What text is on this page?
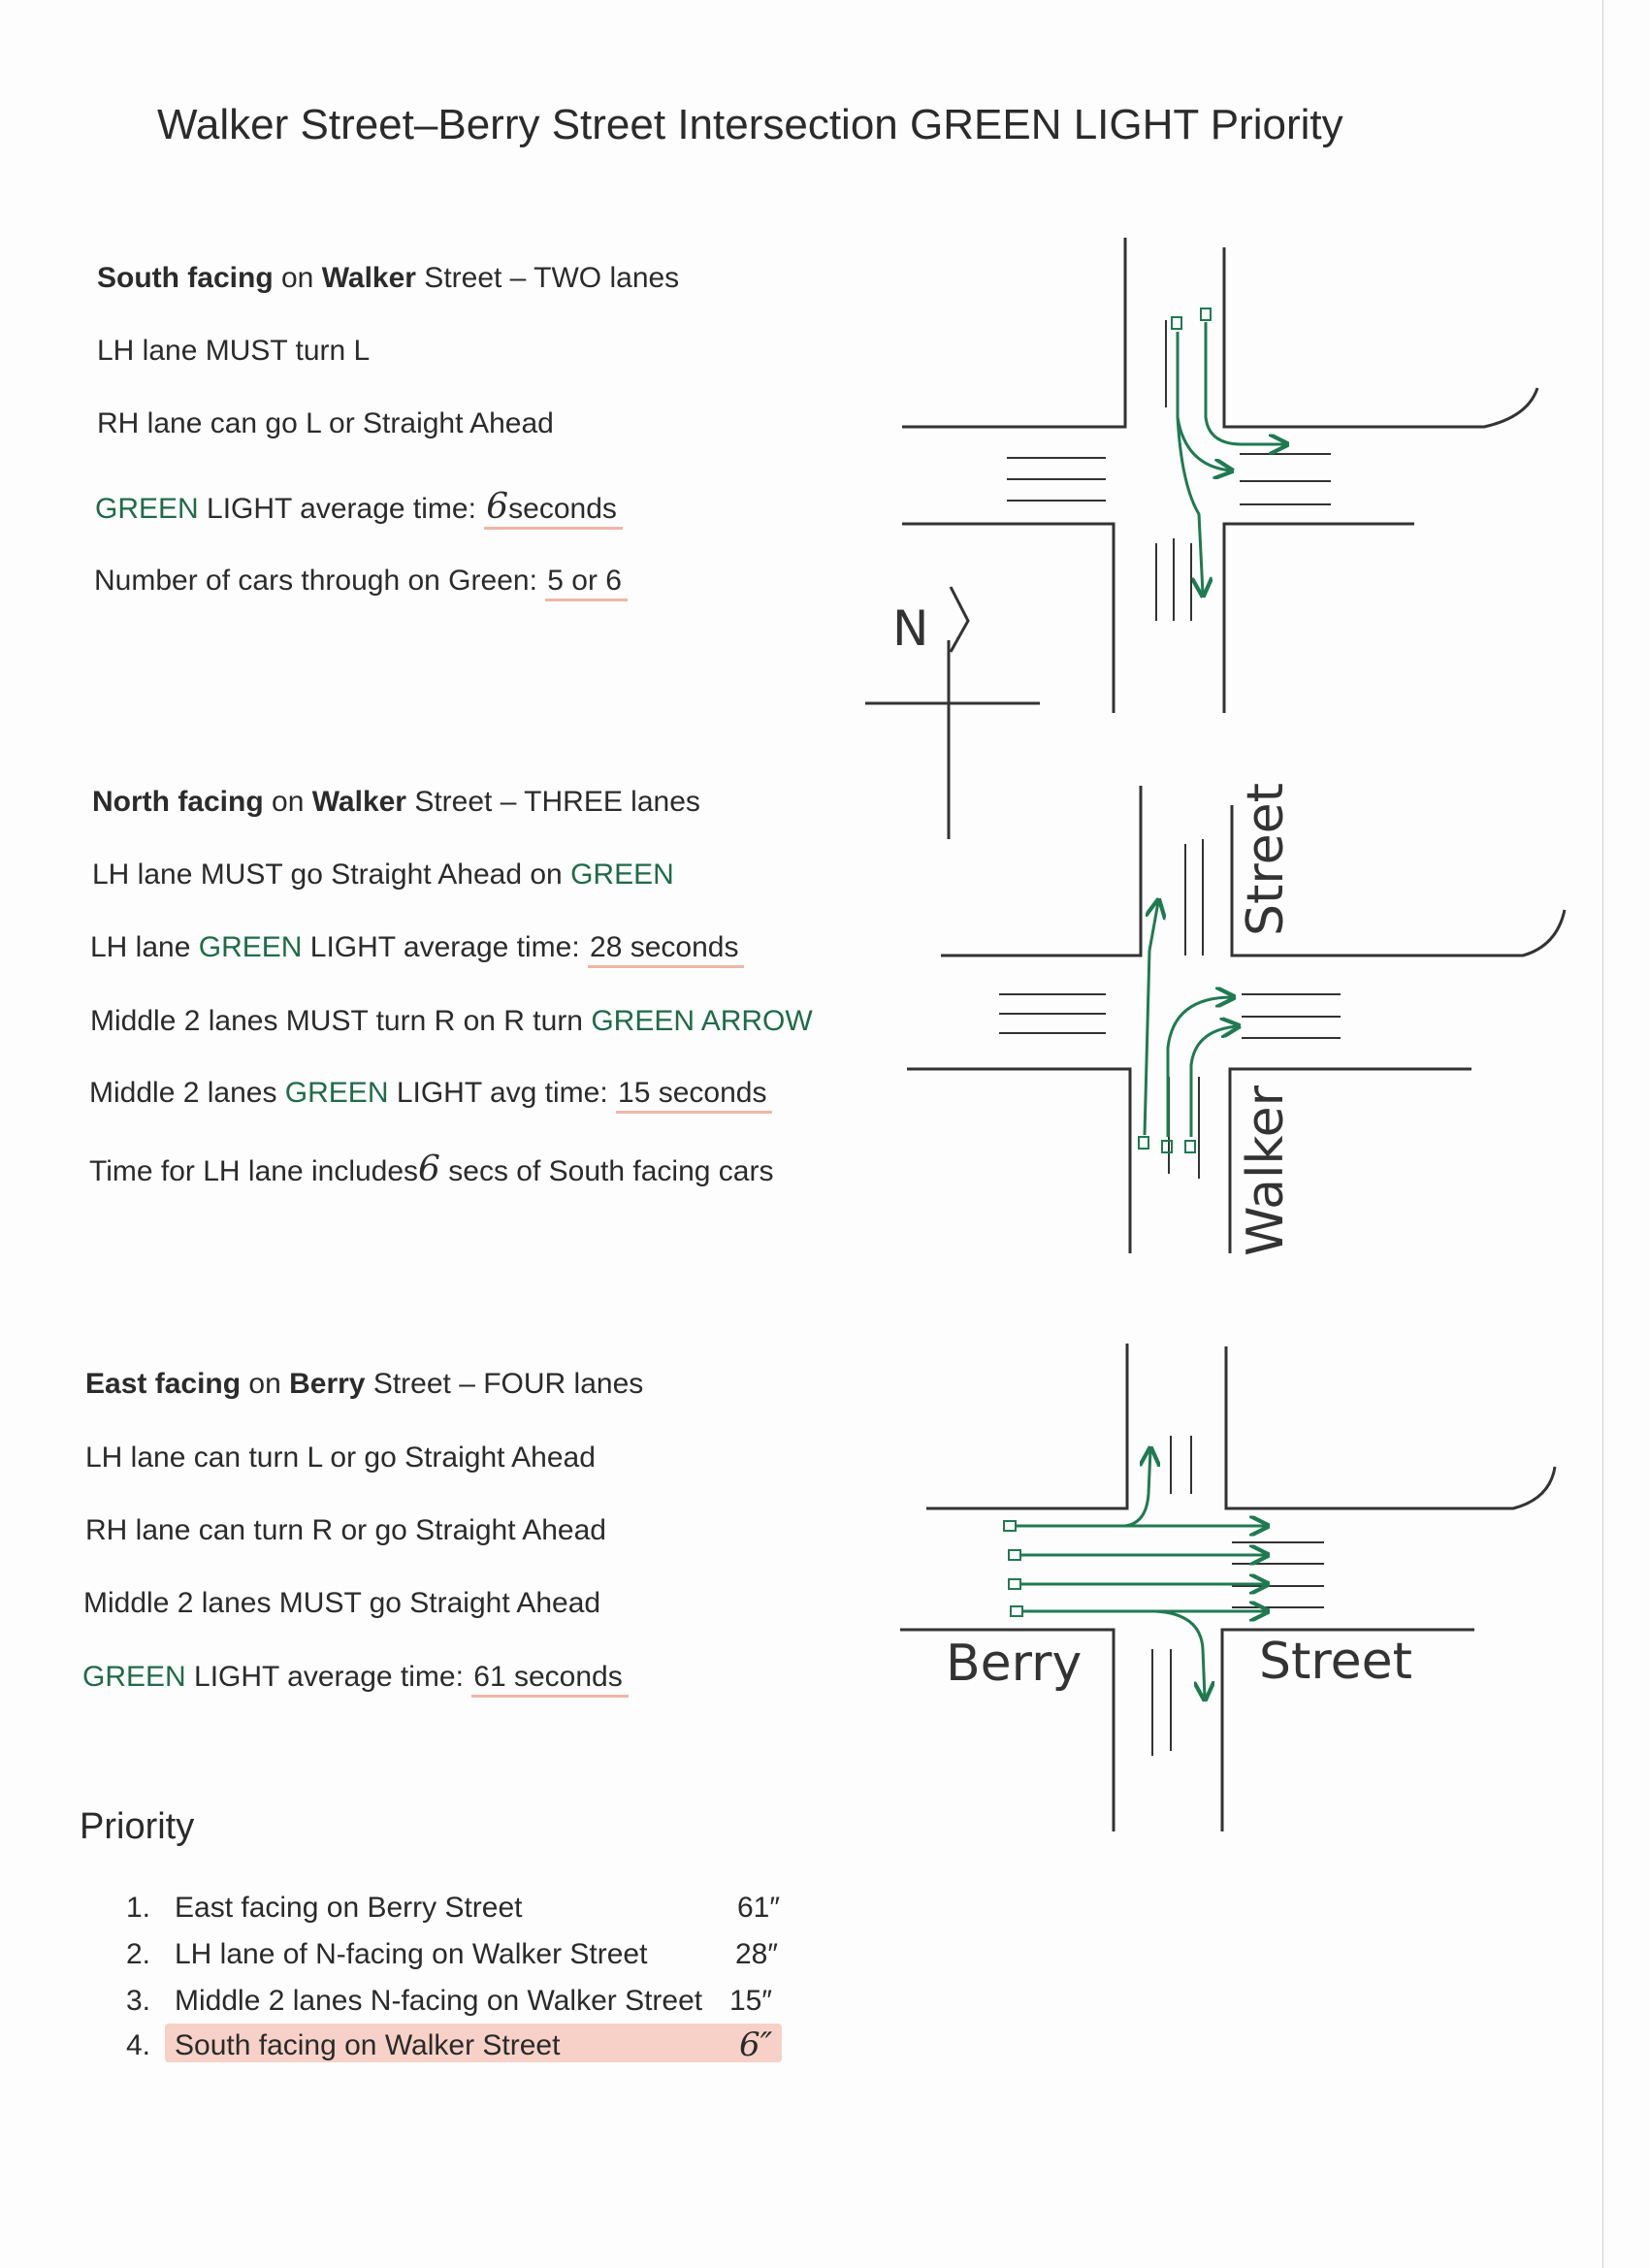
Walker Street–Berry Street Intersection GREEN LIGHT Priority
South facing on Walker Street – TWO lanes
LH lane MUST turn L
RH lane can go L or Straight Ahead
GREEN LIGHT average time: 6seconds
Number of cars through on Green: 5 or 6
North facing on Walker Street – THREE lanes
LH lane MUST go Straight Ahead on GREEN
LH lane GREEN LIGHT average time: 28 seconds
Middle 2 lanes MUST turn R on R turn GREEN ARROW
Middle 2 lanes GREEN LIGHT avg time: 15 seconds
Time for LH lane includes6 secs of South facing cars
East facing on Berry Street – FOUR lanes
LH lane can turn L or go Straight Ahead
RH lane can turn R or go Straight Ahead
Middle 2 lanes MUST go Straight Ahead
GREEN LIGHT average time: 61 seconds
Priority
1. East facing on Berry Street	61″
2. LH lane of N-facing on Walker Street	28″
3. Middle 2 lanes N-facing on Walker Street 15″
4. South facing on Walker Street	6″
N
Street
Walker
Berry	Street
